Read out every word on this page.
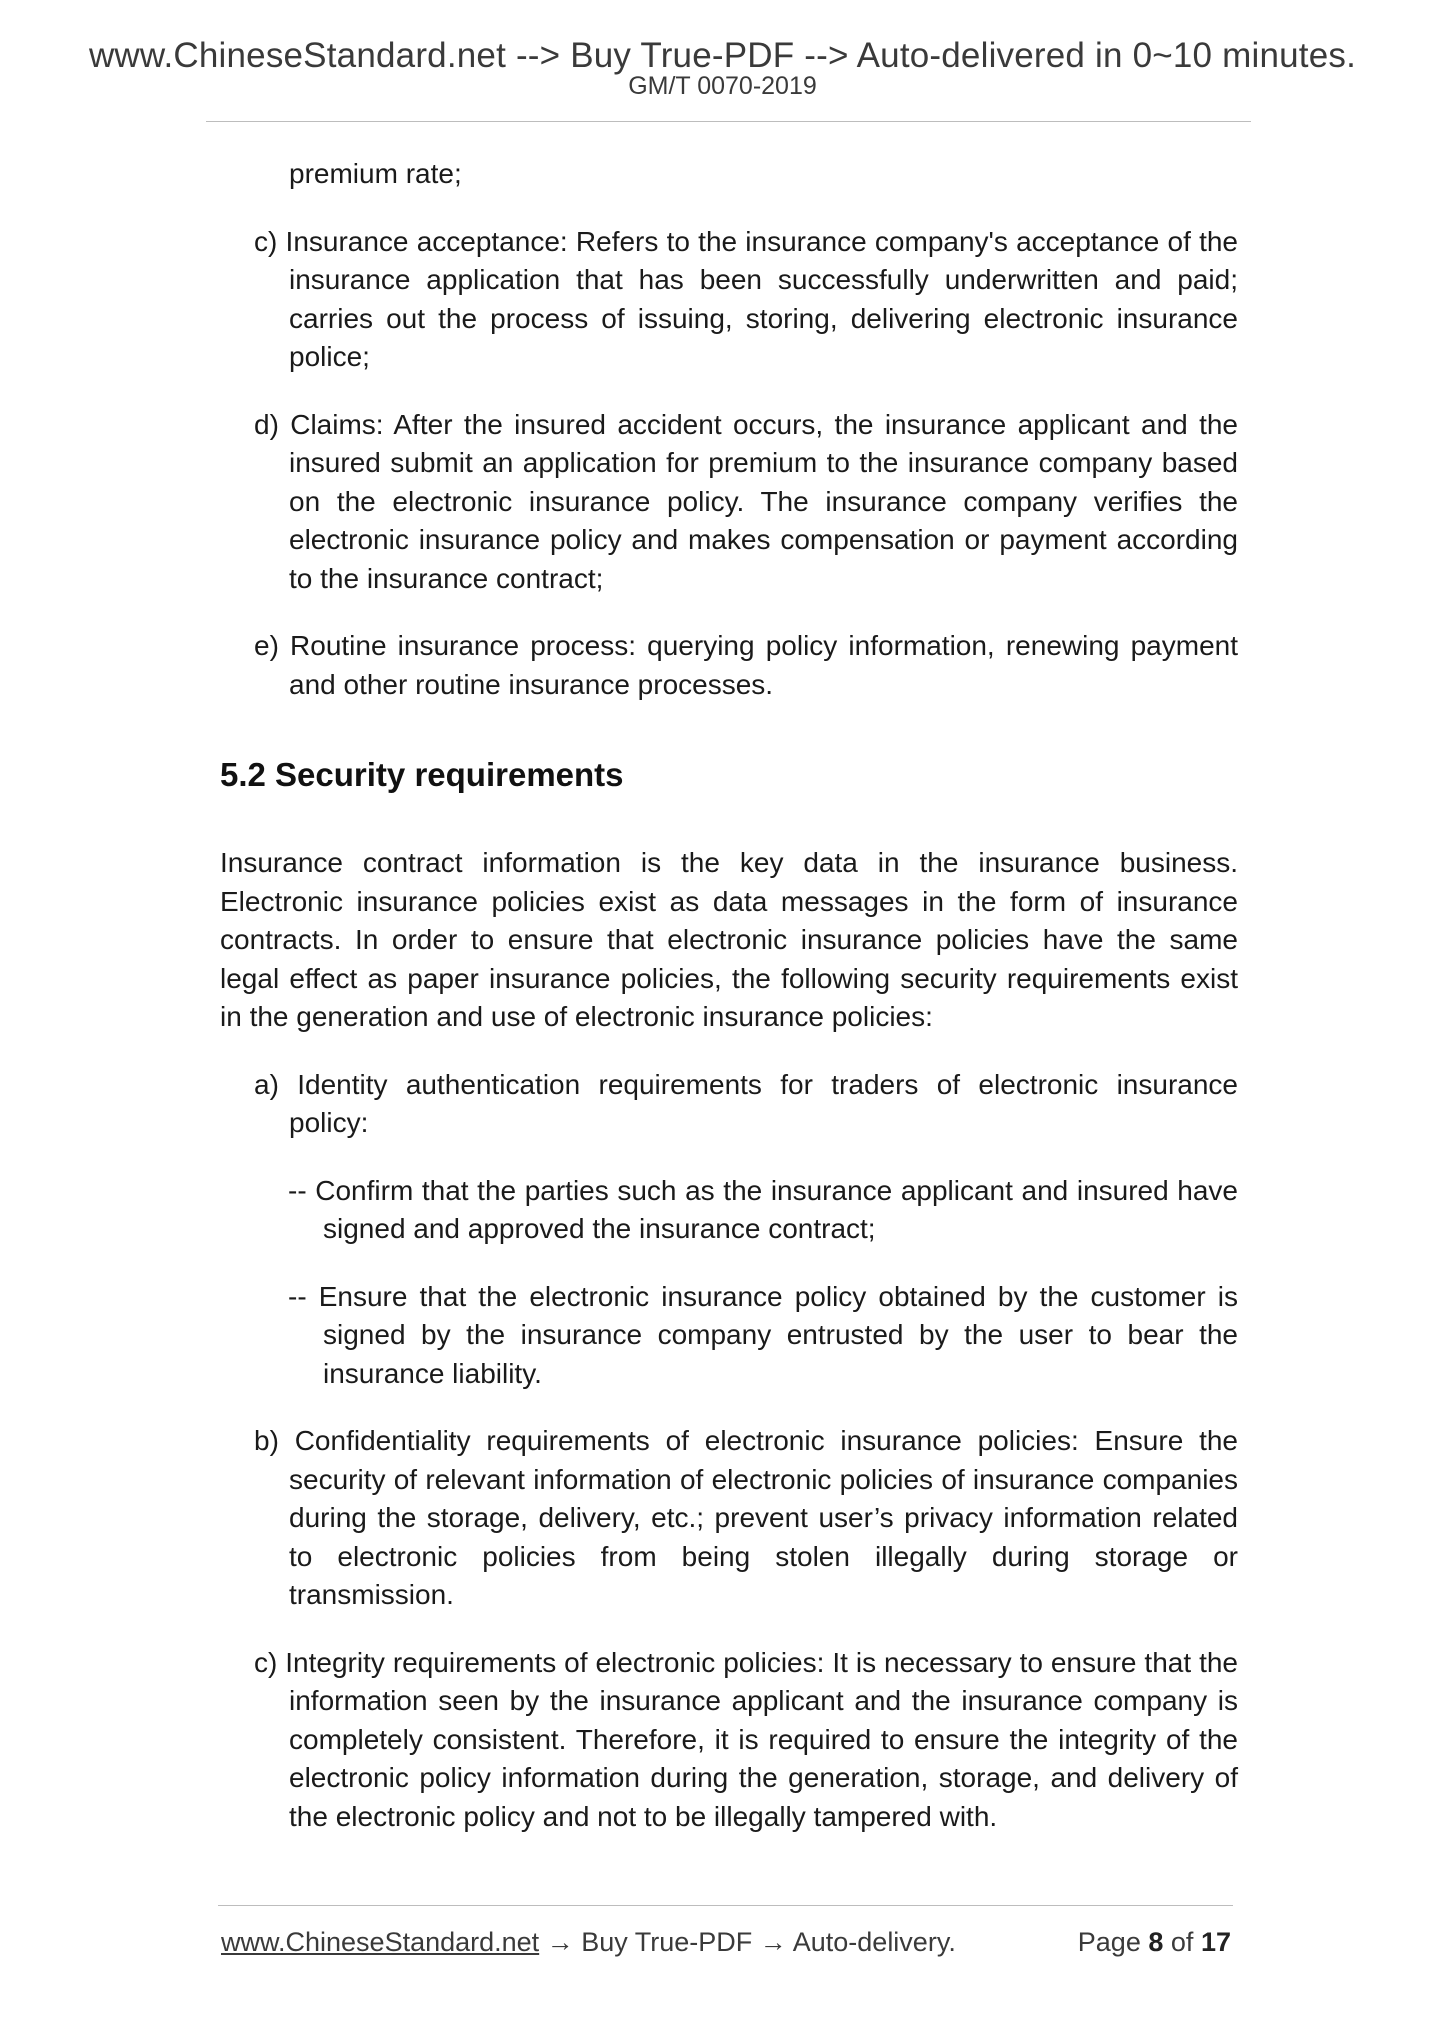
www.ChineseStandard.net --> Buy True-PDF --> Auto-delivered in 0~10 minutes.
GM/T 0070-2019

premium rate;

c) Insurance acceptance: Refers to the insurance company's acceptance of the insurance application that has been successfully underwritten and paid; carries out the process of issuing, storing, delivering electronic insurance police;

d) Claims: After the insured accident occurs, the insurance applicant and the insured submit an application for premium to the insurance company based on the electronic insurance policy. The insurance company verifies the electronic insurance policy and makes compensation or payment according to the insurance contract;

e) Routine insurance process: querying policy information, renewing payment and other routine insurance processes.

5.2 Security requirements

Insurance contract information is the key data in the insurance business. Electronic insurance policies exist as data messages in the form of insurance contracts. In order to ensure that electronic insurance policies have the same legal effect as paper insurance policies, the following security requirements exist in the generation and use of electronic insurance policies:

a) Identity authentication requirements for traders of electronic insurance policy:

-- Confirm that the parties such as the insurance applicant and insured have signed and approved the insurance contract;

-- Ensure that the electronic insurance policy obtained by the customer is signed by the insurance company entrusted by the user to bear the insurance liability.

b) Confidentiality requirements of electronic insurance policies: Ensure the security of relevant information of electronic policies of insurance companies during the storage, delivery, etc.; prevent user’s privacy information related to electronic policies from being stolen illegally during storage or transmission.

c) Integrity requirements of electronic policies: It is necessary to ensure that the information seen by the insurance applicant and the insurance company is completely consistent. Therefore, it is required to ensure the integrity of the electronic policy information during the generation, storage, and delivery of the electronic policy and not to be illegally tampered with.

www.ChineseStandard.net → Buy True-PDF → Auto-delivery.	Page 8 of 17
